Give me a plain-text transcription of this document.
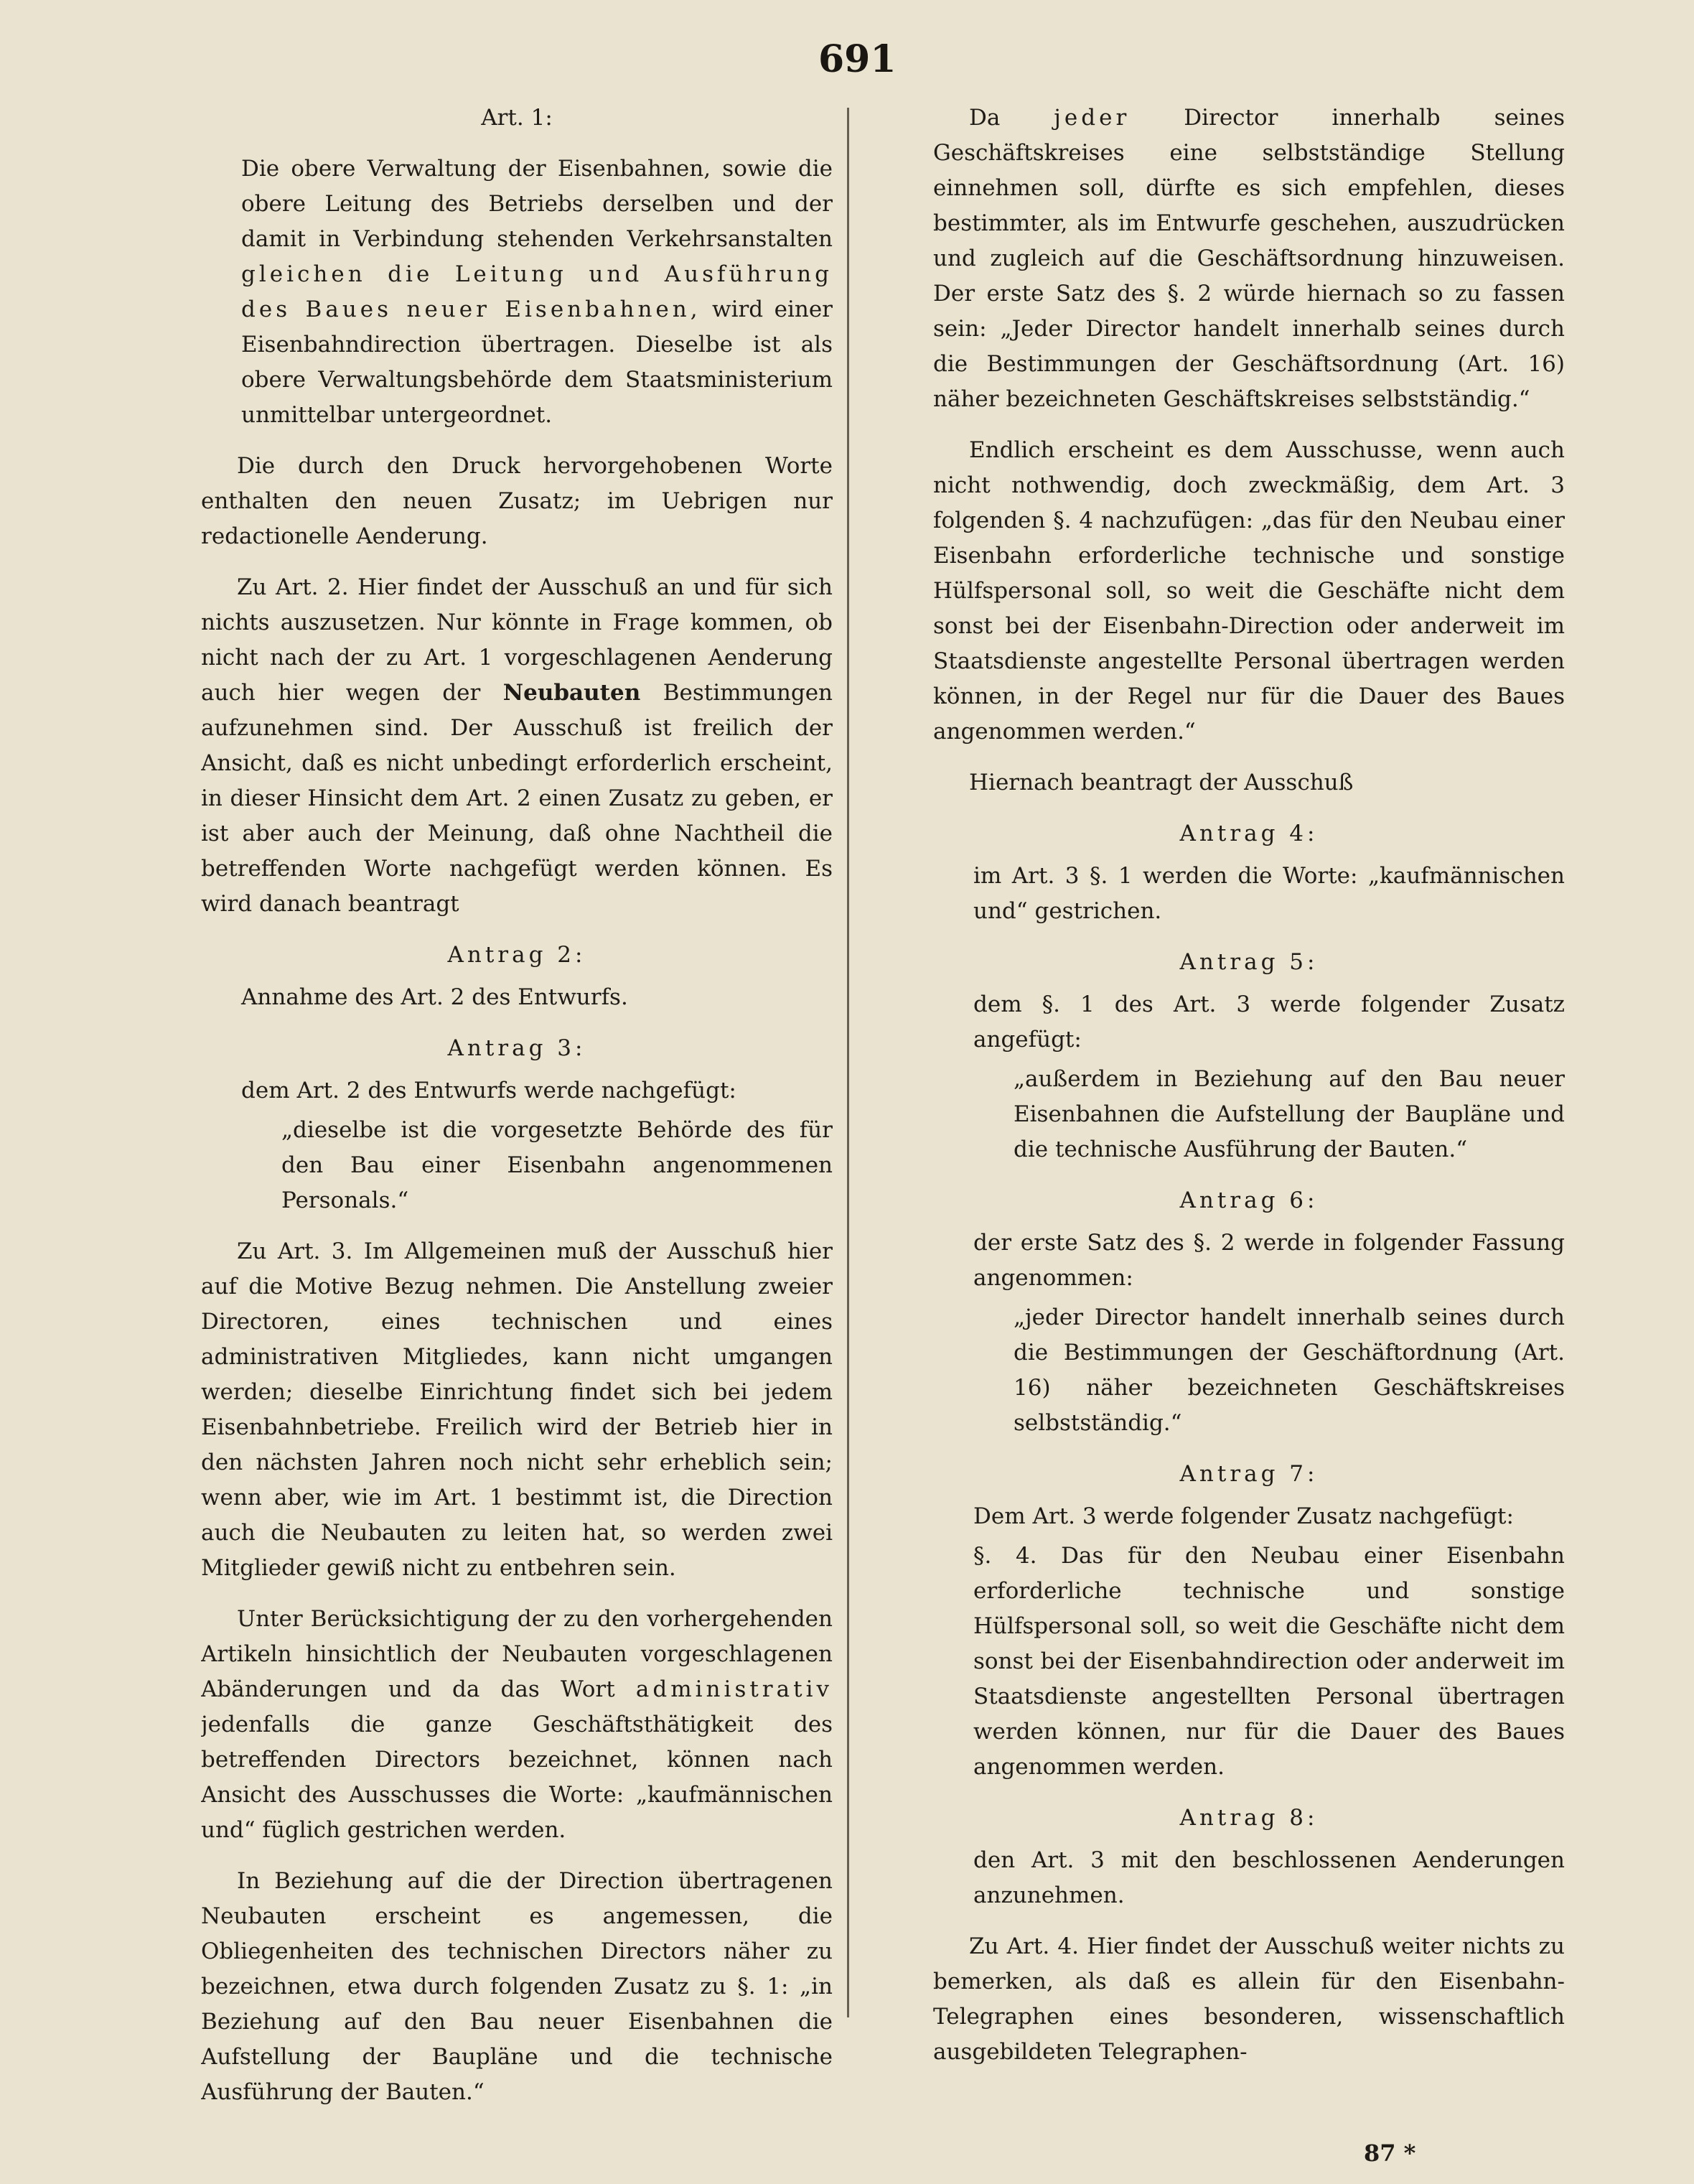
691

Art. 1:

Die obere Verwaltung der Eisenbahnen, sowie die obere Leitung des Betriebs derselben und der damit in Verbindung stehenden Verkehrsanstalten gleichen die Leitung und Ausführung des Baues neuer Eisenbahnen, wird einer Eisenbahndirection übertragen. Dieselbe ist als obere Verwaltungsbehörde dem Staatsministerium unmittelbar untergeordnet.

Die durch den Druck hervorgehobenen Worte enthalten den neuen Zusatz; im Uebrigen nur redactionelle Aenderung.

Zu Art. 2. Hier findet der Ausschuß an und für sich nichts auszusetzen. Nur könnte in Frage kommen, ob nicht nach der zu Art. 1 vorgeschlagenen Aenderung auch hier wegen der Neubauten Bestimmungen aufzunehmen sind. Der Ausschuß ist freilich der Ansicht, daß es nicht unbedingt erforderlich erscheint, in dieser Hinsicht dem Art. 2 einen Zusatz zu geben, er ist aber auch der Meinung, daß ohne Nachtheil die betreffenden Worte nachgefügt werden können. Es wird danach beantragt

Antrag 2:

Annahme des Art. 2 des Entwurfs.

Antrag 3:

dem Art. 2 des Entwurfs werde nachgefügt:

„dieselbe ist die vorgesetzte Behörde des für den Bau einer Eisenbahn angenommenen Personals.“

Zu Art. 3. Im Allgemeinen muß der Ausschuß hier auf die Motive Bezug nehmen. Die Anstellung zweier Directoren, eines technischen und eines administrativen Mitgliedes, kann nicht umgangen werden; dieselbe Einrichtung findet sich bei jedem Eisenbahnbetriebe. Freilich wird der Betrieb hier in den nächsten Jahren noch nicht sehr erheblich sein; wenn aber, wie im Art. 1 bestimmt ist, die Direction auch die Neubauten zu leiten hat, so werden zwei Mitglieder gewiß nicht zu entbehren sein.

Unter Berücksichtigung der zu den vorhergehenden Artikeln hinsichtlich der Neubauten vorgeschlagenen Abänderungen und da das Wort administrativ jedenfalls die ganze Geschäftsthätigkeit des betreffenden Directors bezeichnet, können nach Ansicht des Ausschusses die Worte: „kaufmännischen und“ füglich gestrichen werden.

In Beziehung auf die der Direction übertragenen Neubauten erscheint es angemessen, die Obliegenheiten des technischen Directors näher zu bezeichnen, etwa durch folgenden Zusatz zu §. 1: „in Beziehung auf den Bau neuer Eisenbahnen die Aufstellung der Baupläne und die technische Ausführung der Bauten.“

Da jeder Director innerhalb seines Geschäftskreises eine selbstständige Stellung einnehmen soll, dürfte es sich empfehlen, dieses bestimmter, als im Entwurfe geschehen, auszudrücken und zugleich auf die Geschäftsordnung hinzuweisen. Der erste Satz des §. 2 würde hiernach so zu fassen sein: „Jeder Director handelt innerhalb seines durch die Bestimmungen der Geschäftsordnung (Art. 16) näher bezeichneten Geschäftskreises selbstständig.“

Endlich erscheint es dem Ausschusse, wenn auch nicht nothwendig, doch zweckmäßig, dem Art. 3 folgenden §. 4 nachzufügen: „das für den Neubau einer Eisenbahn erforderliche technische und sonstige Hülfspersonal soll, so weit die Geschäfte nicht dem sonst bei der Eisenbahn-Direction oder anderweit im Staatsdienste angestellte Personal übertragen werden können, in der Regel nur für die Dauer des Baues angenommen werden.“

Hiernach beantragt der Ausschuß

Antrag 4:

im Art. 3 §. 1 werden die Worte: „kaufmännischen und“ gestrichen.

Antrag 5:

dem §. 1 des Art. 3 werde folgender Zusatz angefügt:

„außerdem in Beziehung auf den Bau neuer Eisenbahnen die Aufstellung der Baupläne und die technische Ausführung der Bauten.“

Antrag 6:

der erste Satz des §. 2 werde in folgender Fassung angenommen:

„jeder Director handelt innerhalb seines durch die Bestimmungen der Geschäftordnung (Art. 16) näher bezeichneten Geschäftskreises selbstständig.“

Antrag 7:

Dem Art. 3 werde folgender Zusatz nachgefügt:

§. 4. Das für den Neubau einer Eisenbahn erforderliche technische und sonstige Hülfspersonal soll, so weit die Geschäfte nicht dem sonst bei der Eisenbahndirection oder anderweit im Staatsdienste angestellten Personal übertragen werden können, nur für die Dauer des Baues angenommen werden.

Antrag 8:

den Art. 3 mit den beschlossenen Aenderungen anzunehmen.

Zu Art. 4. Hier findet der Ausschuß weiter nichts zu bemerken, als daß es allein für den Eisenbahn-Telegraphen eines besonderen, wissenschaftlich ausgebildeten Telegraphen-

87 *
